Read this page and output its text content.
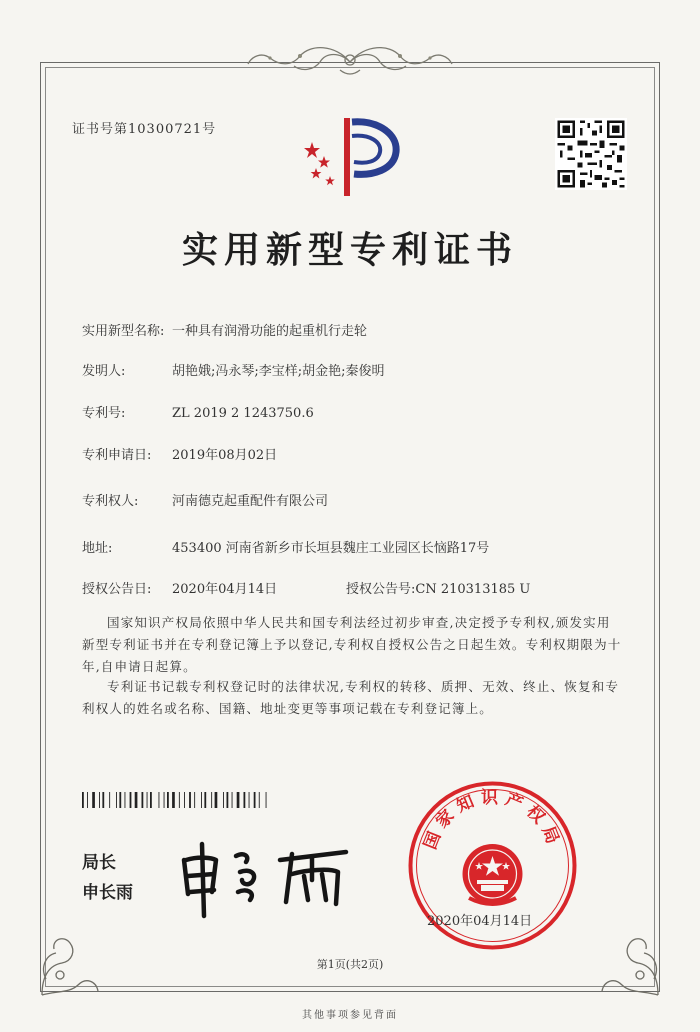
证书号第10300721号
实用新型专利证书
实用新型名称: 一种具有润滑功能的起重机行走轮
发明人:	胡艳娥;冯永琴;李宝样;胡金艳;秦俊明
专利号:	ZL 2019 2 1243750.6
专利申请日: 2019年08月02日
专利权人:	河南德克起重配件有限公司
地址:	453400 河南省新乡市长垣县魏庄工业园区长恼路17号
授权公告日: 2020年04月14日	授权公告号:CN 210313185 U
国家知识产权局依照中华人民共和国专利法经过初步审查,决定授予专利权,颁发实用新型专利证书并在专利登记簿上予以登记,专利权自授权公告之日起生效。专利权期限为十年,自申请日起算。
专利证书记载专利权登记时的法律状况,专利权的转移、质押、无效、终止、恢复和专利权人的姓名或名称、国籍、地址变更等事项记载在专利登记簿上。
局长
申长雨
国家知识产权局
2020年04月14日
第1页(共2页)
其他事项参见背面
